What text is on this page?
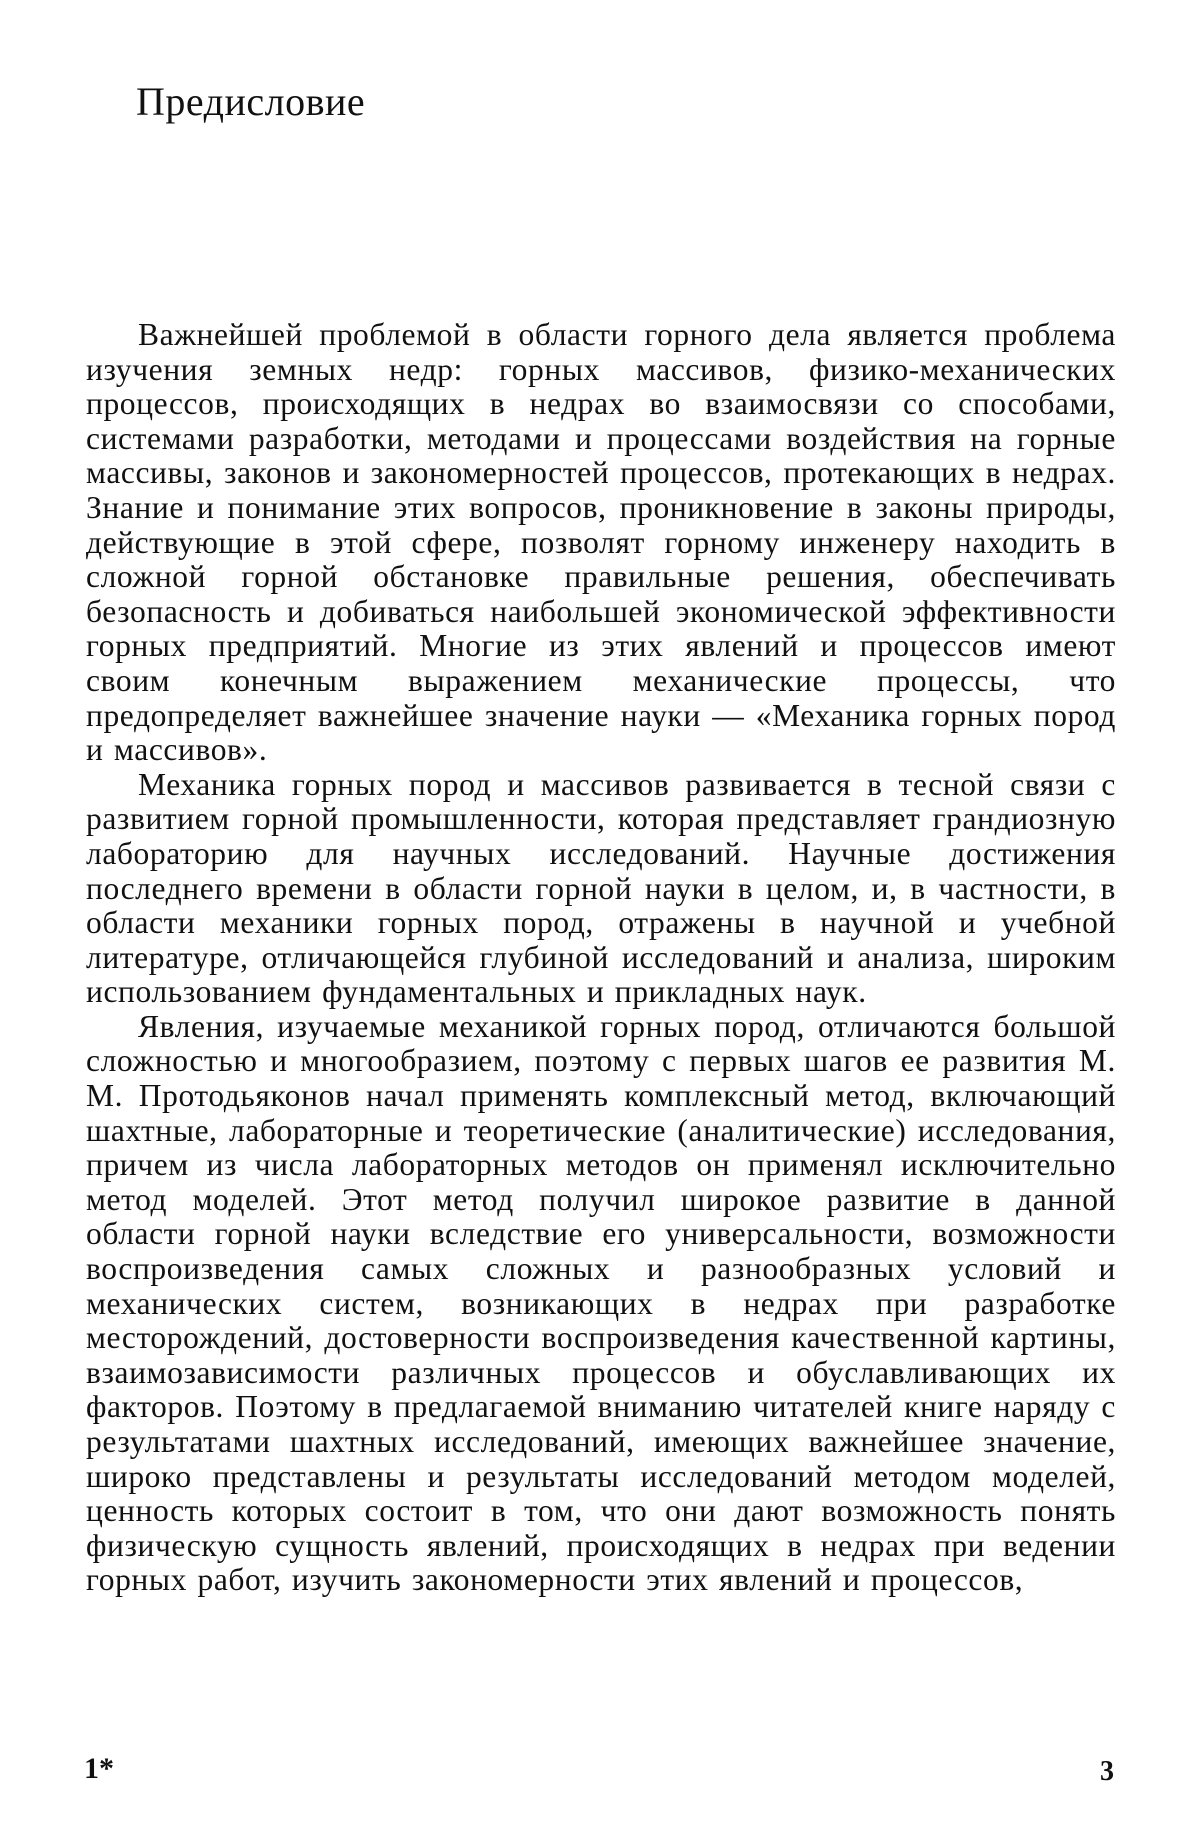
Предисловие

Важнейшей проблемой в области горного дела является проблема изучения земных недр: горных массивов, физико-механических процессов, происходящих в недрах во взаимосвязи со способами, системами разработки, методами и процессами воздействия на горные массивы, законов и закономерностей процессов, протекающих в недрах. Знание и понимание этих вопросов, проникновение в законы природы, действующие в этой сфере, позволят горному инженеру находить в сложной горной обстановке правильные решения, обеспечивать безопасность и добиваться наибольшей экономической эффективности горных предприятий. Многие из этих явлений и процессов имеют своим конечным выражением механические процессы, что предопределяет важнейшее значение науки — «Механика горных пород и массивов».

Механика горных пород и массивов развивается в тесной связи с развитием горной промышленности, которая представляет грандиозную лабораторию для научных исследований. Научные достижения последнего времени в области горной науки в целом, и, в частности, в области механики горных пород, отражены в научной и учебной литературе, отличающейся глубиной исследований и анализа, широким использованием фундаментальных и прикладных наук.

Явления, изучаемые механикой горных пород, отличаются большой сложностью и многообразием, поэтому с первых шагов ее развития М. М. Протодьяконов начал применять комплексный метод, включающий шахтные, лабораторные и теоретические (аналитические) исследования, причем из числа лабораторных методов он применял исключительно метод моделей. Этот метод получил широкое развитие в данной области горной науки вследствие его универсальности, возможности воспроизведения самых сложных и разнообразных условий и механических систем, возникающих в недрах при разработке месторождений, достоверности воспроизведения качественной картины, взаимозависимости различных процессов и обуславливающих их факторов. Поэтому в предлагаемой вниманию читателей книге наряду с результатами шахтных исследований, имеющих важнейшее значение, широко представлены и результаты исследований методом моделей, ценность которых состоит в том, что они дают возможность понять физическую сущность явлений, происходящих в недрах при ведении горных работ, изучить закономерности этих явлений и процессов,

1*	3
